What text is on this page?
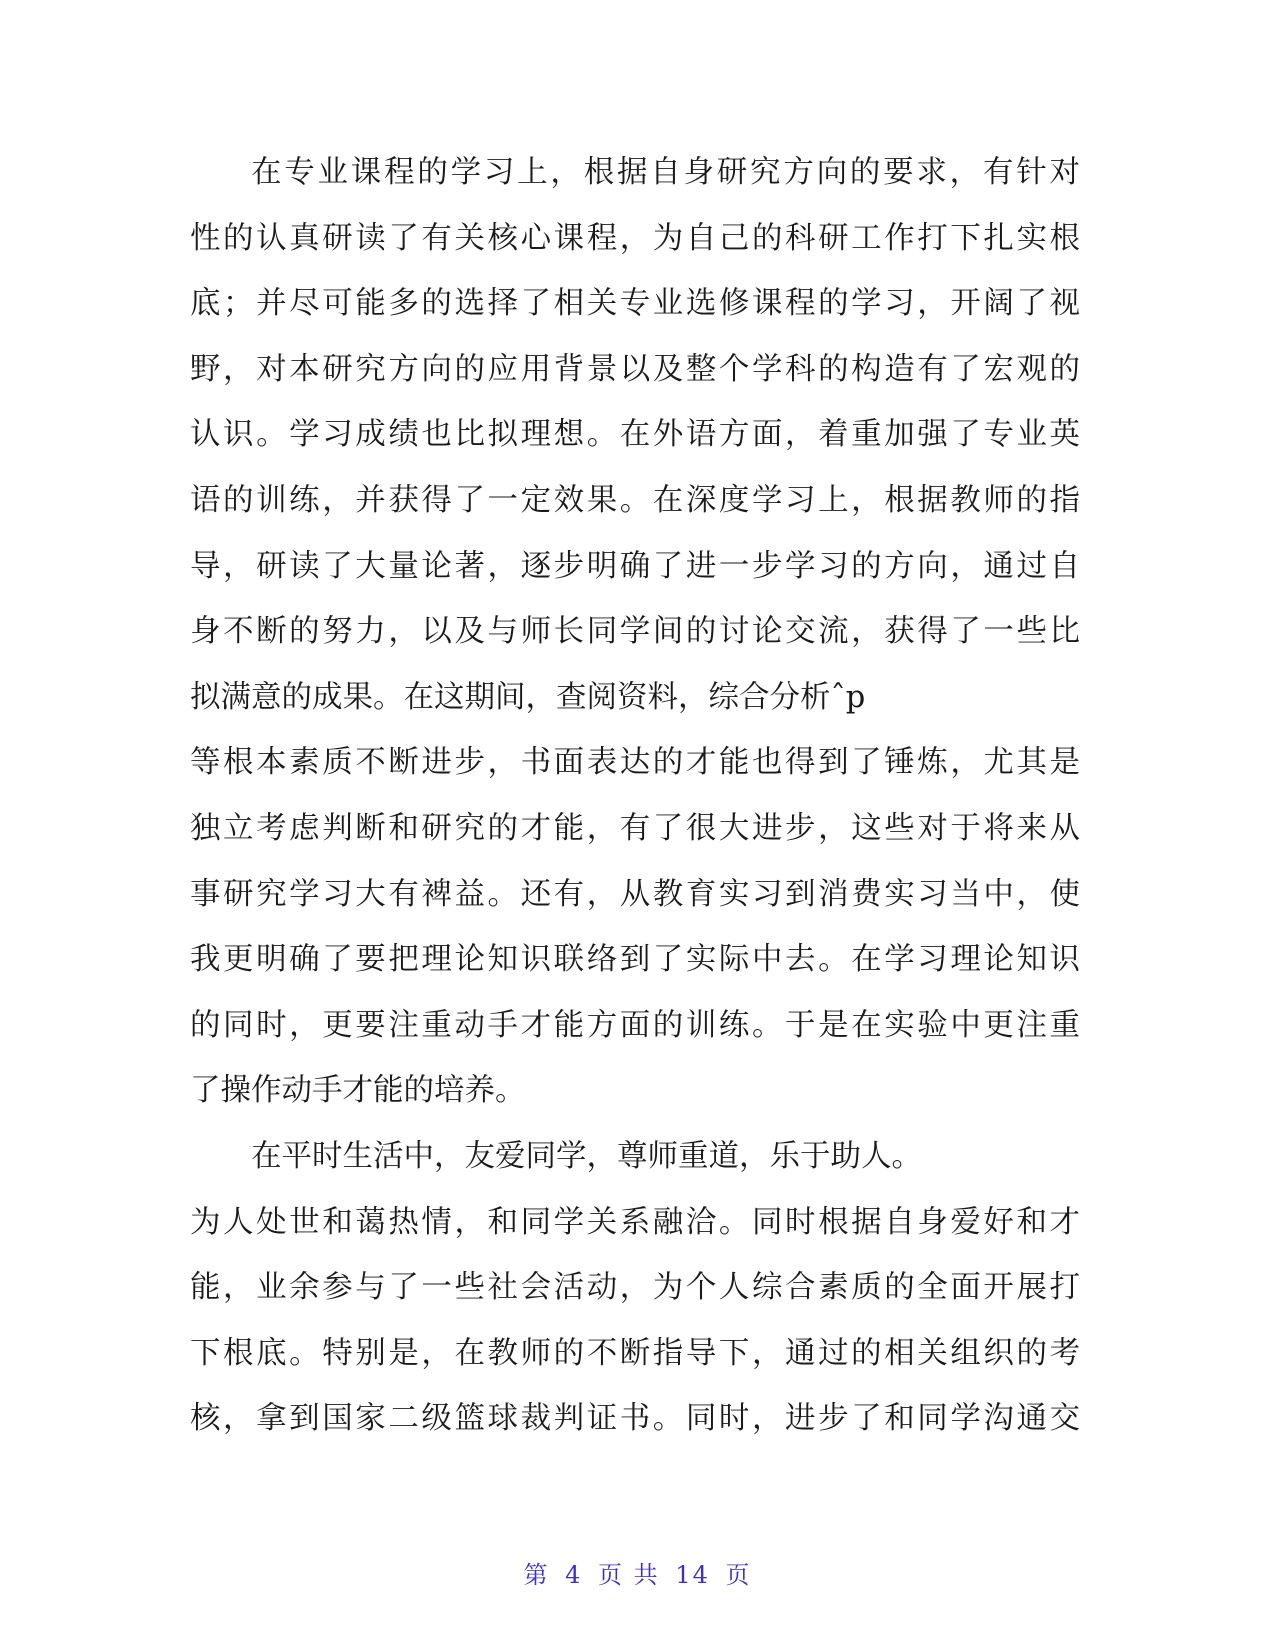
在专业课程的学习上，根据自身研究方向的要求，有针对
性的认真研读了有关核心课程，为自己的科研工作打下扎实根
底；并尽可能多的选择了相关专业选修课程的学习，开阔了视
野，对本研究方向的应用背景以及整个学科的构造有了宏观的
认识。学习成绩也比拟理想。在外语方面，着重加强了专业英
语的训练，并获得了一定效果。在深度学习上，根据教师的指
导，研读了大量论著，逐步明确了进一步学习的方向，通过自
身不断的努力，以及与师长同学间的讨论交流，获得了一些比
拟满意的成果。在这期间，查阅资料，综合分析ˆp
等根本素质不断进步，书面表达的才能也得到了锤炼，尤其是
独立考虑判断和研究的才能，有了很大进步，这些对于将来从
事研究学习大有裨益。还有，从教育实习到消费实习当中，使
我更明确了要把理论知识联络到了实际中去。在学习理论知识
的同时，更要注重动手才能方面的训练。于是在实验中更注重
了操作动手才能的培养。
在平时生活中，友爱同学，尊师重道，乐于助人。
为人处世和蔼热情，和同学关系融洽。同时根据自身爱好和才
能，业余参与了一些社会活动，为个人综合素质的全面开展打
下根底。特别是，在教师的不断指导下，通过的相关组织的考
核，拿到国家二级篮球裁判证书。同时，进步了和同学沟通交
第 4 页 共 14 页
